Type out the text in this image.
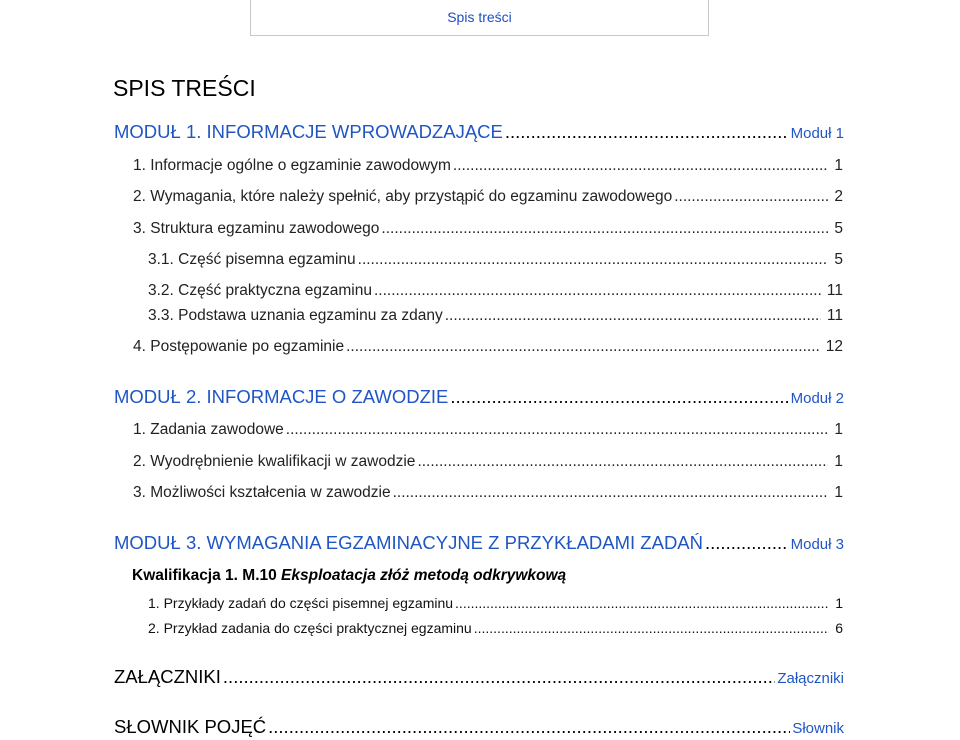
Spis treści
SPIS TREŚCI
MODUŁ 1. INFORMACJE WPROWADZAJĄCE .....	Moduł 1
1. Informacje ogólne o egzaminie zawodowym .....	1
2. Wymagania, które należy spełnić, aby przystąpić do egzaminu zawodowego .....	2
3. Struktura egzaminu zawodowego .....	5
3.1. Część pisemna egzaminu .....	5
3.2. Część praktyczna egzaminu .....	11
3.3. Podstawa uznania egzaminu za zdany .....	11
4. Postępowanie po egzaminie .....	12
MODUŁ 2. INFORMACJE O ZAWODZIE .....	Moduł 2
1. Zadania zawodowe .....	1
2. Wyodrębnienie kwalifikacji w zawodzie .....	1
3. Możliwości kształcenia w zawodzie .....	1
MODUŁ 3. WYMAGANIA EGZAMINACYJNE Z PRZYKŁADAMI ZADAŃ .....	Moduł 3
Kwalifikacja 1. M.10 Eksploatacja złóż metodą odkrywkową
1. Przykłady zadań do części pisemnej egzaminu .....	1
2. Przykład zadania do części praktycznej egzaminu .....	6
ZAŁĄCZNIKI .....	Załączniki
SŁOWNIK POJĘĆ .....	Słownik
